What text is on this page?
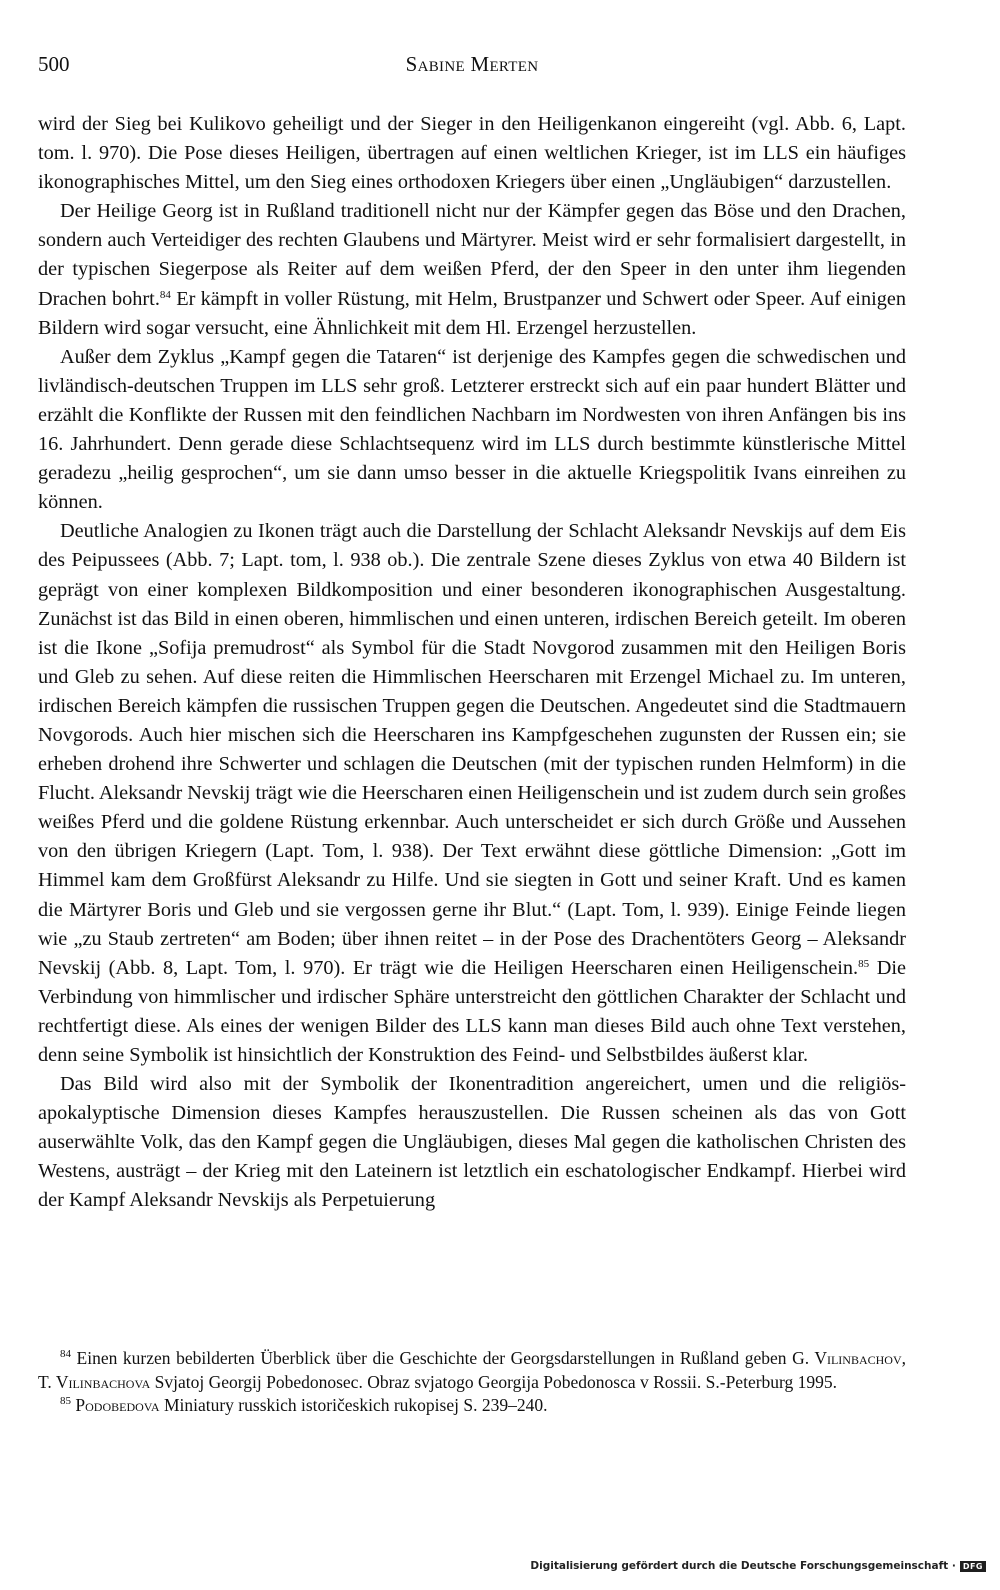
500	Sabine Merten

wird der Sieg bei Kulikovo geheiligt und der Sieger in den Heiligenkanon eingereiht (vgl. Abb. 6, Lapt. tom. l. 970). Die Pose dieses Heiligen, übertragen auf einen weltlichen Krieger, ist im LLS ein häufiges ikonographisches Mittel, um den Sieg eines orthodoxen Kriegers über einen „Ungläubigen“ darzustellen.

Der Heilige Georg ist in Rußland traditionell nicht nur der Kämpfer gegen das Böse und den Drachen, sondern auch Verteidiger des rechten Glaubens und Märtyrer. Meist wird er sehr formalisiert dargestellt, in der typischen Siegerpose als Reiter auf dem weißen Pferd, der den Speer in den unter ihm liegenden Drachen bohrt.$^{84}$ Er kämpft in voller Rüstung, mit Helm, Brustpanzer und Schwert oder Speer. Auf einigen Bildern wird sogar versucht, eine Ähnlichkeit mit dem Hl. Erzengel herzustellen.

Außer dem Zyklus „Kampf gegen die Tataren“ ist derjenige des Kampfes gegen die schwedischen und livländisch-deutschen Truppen im LLS sehr groß. Letzterer erstreckt sich auf ein paar hundert Blätter und erzählt die Konflikte der Russen mit den feindlichen Nachbarn im Nordwesten von ihren Anfängen bis ins 16. Jahrhundert. Denn gerade diese Schlachtsequenz wird im LLS durch bestimmte künstlerische Mittel geradezu „heilig gesprochen“, um sie dann umso besser in die aktuelle Kriegspolitik Ivans einreihen zu können.

Deutliche Analogien zu Ikonen trägt auch die Darstellung der Schlacht Aleksandr Nevskijs auf dem Eis des Peipussees (Abb. 7; Lapt. tom, l. 938 ob.). Die zentrale Szene dieses Zyklus von etwa 40 Bildern ist geprägt von einer komplexen Bildkomposition und einer besonderen ikonographischen Ausgestaltung. Zunächst ist das Bild in einen oberen, himmlischen und einen unteren, irdischen Bereich geteilt. Im oberen ist die Ikone „Sofija premudrost“ als Symbol für die Stadt Novgorod zusammen mit den Heiligen Boris und Gleb zu sehen. Auf diese reiten die Himmlischen Heerscharen mit Erzengel Michael zu. Im unteren, irdischen Bereich kämpfen die russischen Truppen gegen die Deutschen. Angedeutet sind die Stadtmauern Novgorods. Auch hier mischen sich die Heerscharen ins Kampfgeschehen zugunsten der Russen ein; sie erheben drohend ihre Schwerter und schlagen die Deutschen (mit der typischen runden Helmform) in die Flucht. Aleksandr Nevskij trägt wie die Heerscharen einen Heiligenschein und ist zudem durch sein großes weißes Pferd und die goldene Rüstung erkennbar. Auch unterscheidet er sich durch Größe und Aussehen von den übrigen Kriegern (Lapt. Tom, l. 938). Der Text erwähnt diese göttliche Dimension: „Gott im Himmel kam dem Großfürst Aleksandr zu Hilfe. Und sie siegten in Gott und seiner Kraft. Und es kamen die Märtyrer Boris und Gleb und sie vergossen gerne ihr Blut.“ (Lapt. Tom, l. 939). Einige Feinde liegen wie „zu Staub zertreten“ am Boden; über ihnen reitet – in der Pose des Drachentöters Georg – Aleksandr Nevskij (Abb. 8, Lapt. Tom, l. 970). Er trägt wie die Heiligen Heerscharen einen Heiligenschein.$^{85}$ Die Verbindung von himmlischer und irdischer Sphäre unterstreicht den göttlichen Charakter der Schlacht und rechtfertigt diese. Als eines der wenigen Bilder des LLS kann man dieses Bild auch ohne Text verstehen, denn seine Symbolik ist hinsichtlich der Konstruktion des Feind- und Selbstbildes äußerst klar.

Das Bild wird also mit der Symbolik der Ikonentradition angereichert, umen und die religiös-apokalyptische Dimension dieses Kampfes herauszustellen. Die Russen scheinen als das von Gott auserwählte Volk, das den Kampf gegen die Ungläubigen, dieses Mal gegen die katholischen Christen des Westens, austrägt – der Krieg mit den Lateinern ist letztlich ein eschatologischer Endkampf. Hierbei wird der Kampf Aleksandr Nevskijs als Perpetuierung

$^{84}$ Einen kurzen bebilderten Überblick über die Geschichte der Georgsdarstellungen in Rußland geben G. Vilinbachov, T. Vilinbachova Svjatoj Georgij Pobedonosec. Obraz svjatogo Georgija Pobedonosca v Rossii. S.-Peterburg 1995.

$^{85}$ Podobedova Miniatury russkich istoričeskich rukopisej S. 239–240.

Digitalisierung gefördert durch die Deutsche Forschungsgemeinschaft · DFG
